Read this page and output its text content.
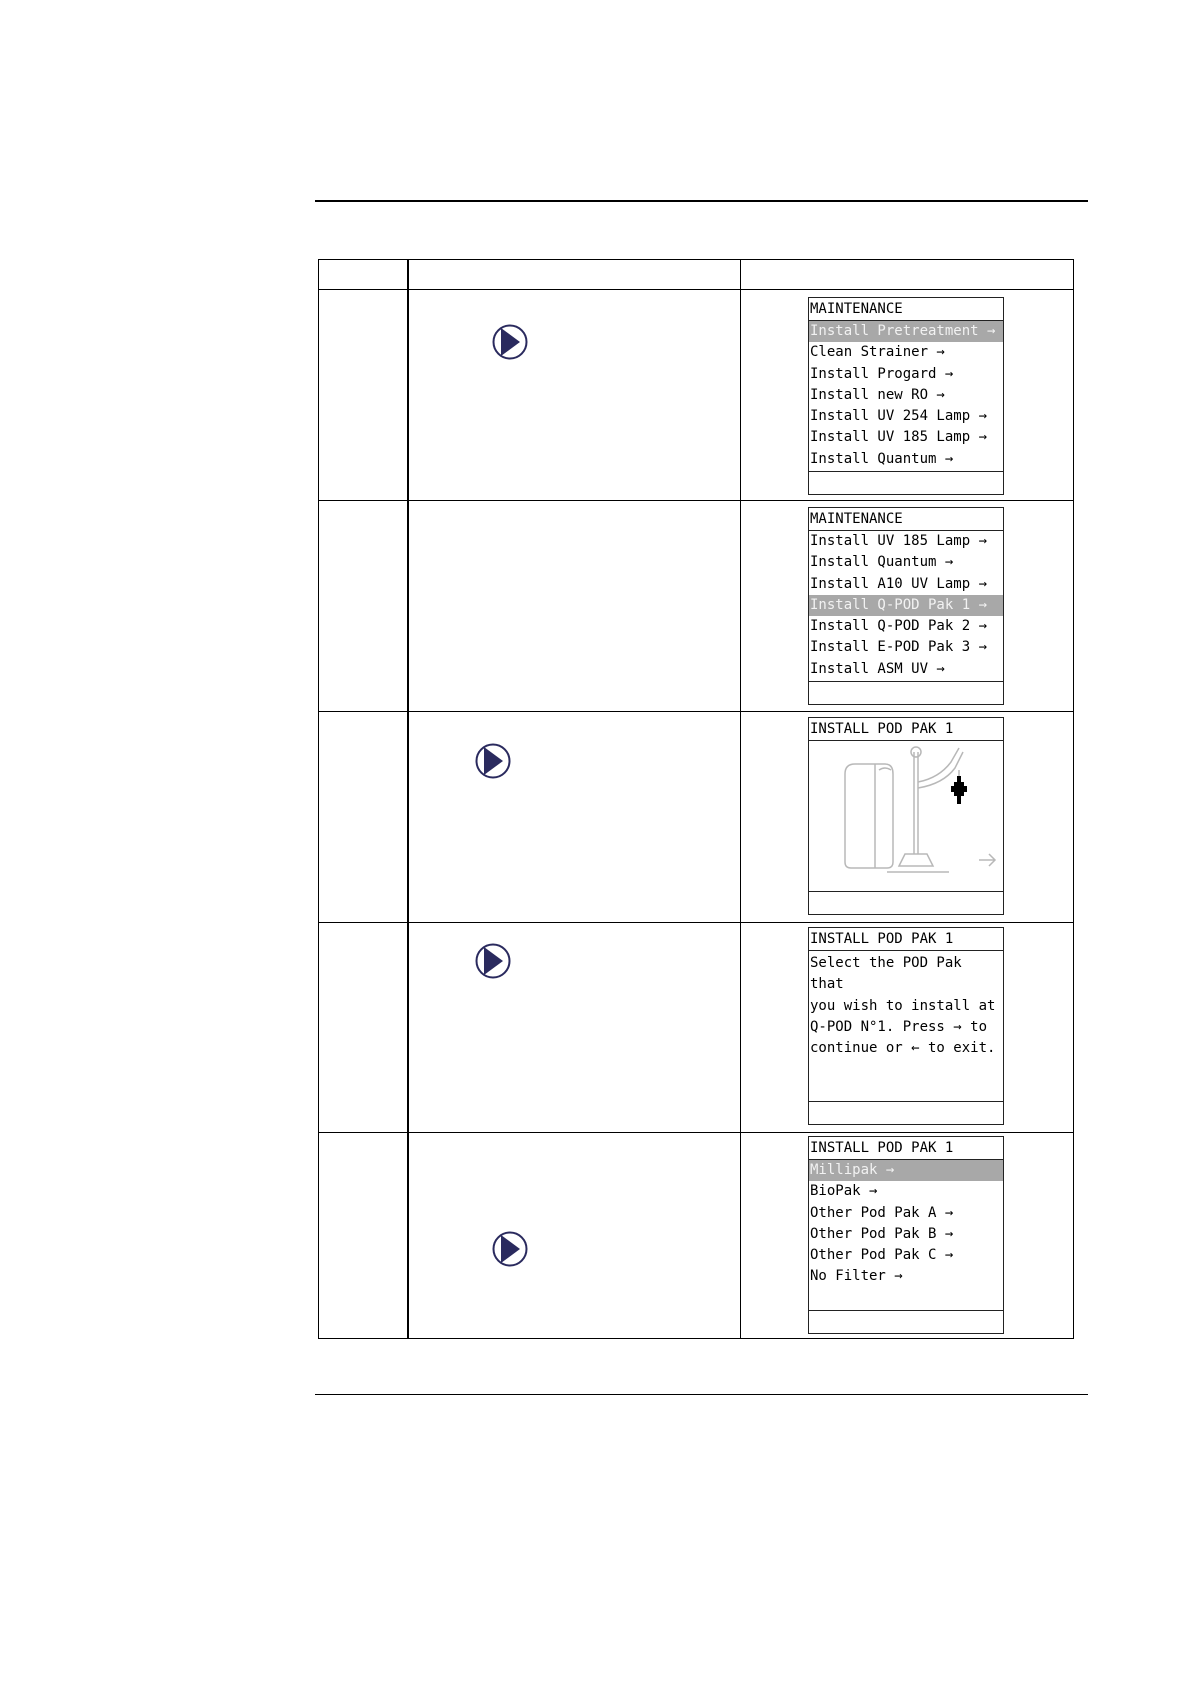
MAINTENANCE
Install Pretreatment →
Clean Strainer →
Install Progard →
Install new RO →
Install UV 254 Lamp →
Install UV 185 Lamp →
Install Quantum →
MAINTENANCE
Install UV 185 Lamp →
Install Quantum →
Install A10 UV Lamp →
Install Q-POD Pak 1 →
Install Q-POD Pak 2 →
Install E-POD Pak 3 →
Install ASM UV →
INSTALL POD PAK 1
INSTALL POD PAK 1

Select the POD Pak that
you wish to install at
Q-POD N°1. Press → to
continue or ← to exit.

INSTALL POD PAK 1
Millipak →
BioPak →
Other Pod Pak A →
Other Pod Pak B →
Other Pod Pak C →
No Filter →
